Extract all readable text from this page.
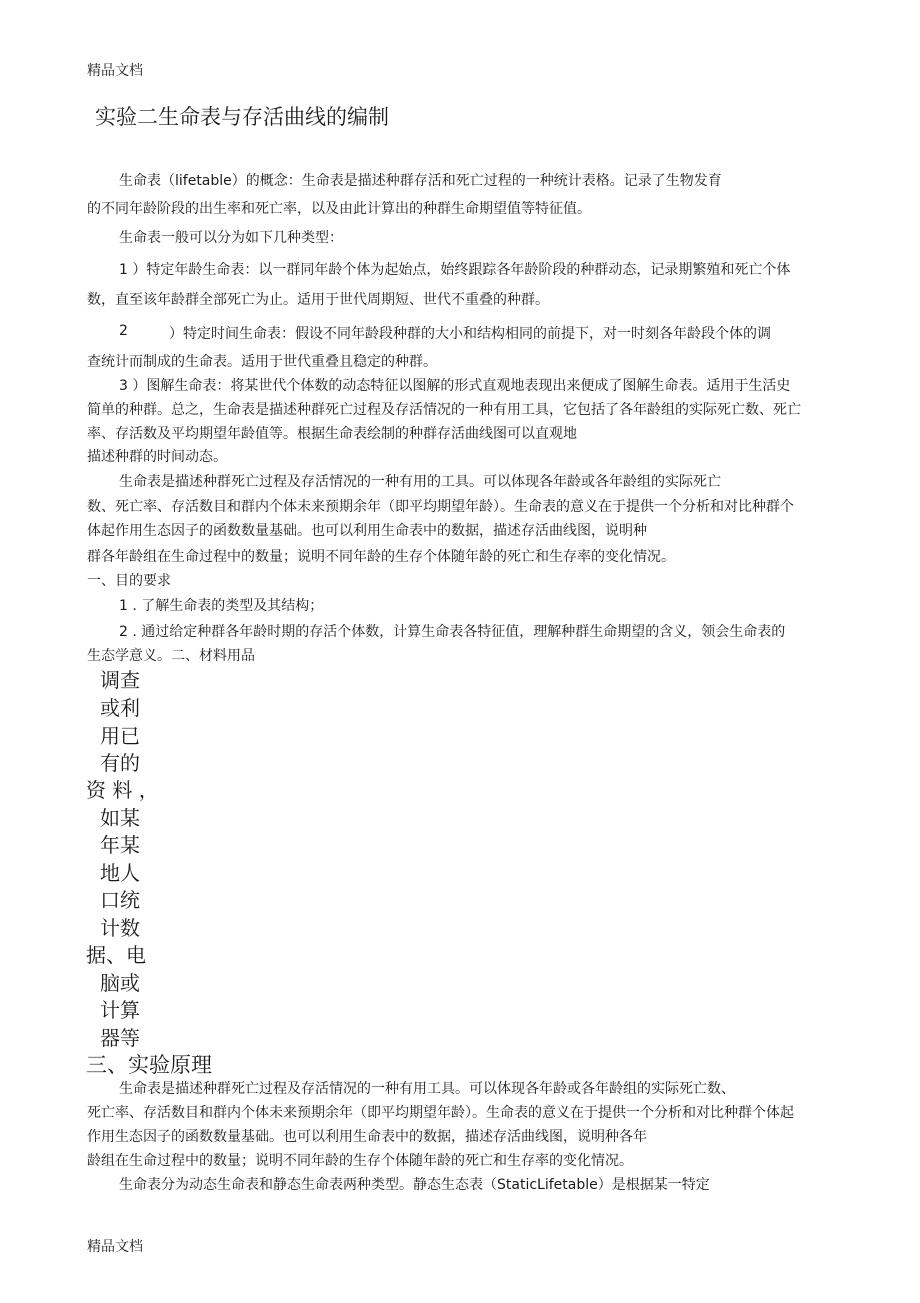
精品文档
实验二生命表与存活曲线的编制
生命表（lifetable）的概念：生命表是描述种群存活和死亡过程的一种统计表格。记录了生物发育
的不同年龄阶段的出生率和死亡率，以及由此计算出的种群生命期望值等特征值。
生命表一般可以分为如下几种类型：
1 ）特定年龄生命表：以一群同年龄个体为起始点，始终跟踪各年龄阶段的种群动态，记录期繁殖和死亡个体
数，直至该年龄群全部死亡为止。适用于世代周期短、世代不重叠的种群。
2	）特定时间生命表：假设不同年龄段种群的大小和结构相同的前提下，对一时刻各年龄段个体的调
查统计而制成的生命表。适用于世代重叠且稳定的种群。
3 ）图解生命表：将某世代个体数的动态特征以图解的形式直观地表现出来便成了图解生命表。适用于生活史
简单的种群。总之，生命表是描述种群死亡过程及存活情况的一种有用工具，它包括了各年龄组的实际死亡数、死亡
率、存活数及平均期望年龄值等。根据生命表绘制的种群存活曲线图可以直观地
描述种群的时间动态。
生命表是描述种群死亡过程及存活情况的一种有用的工具。可以体现各年龄或各年龄组的实际死亡
数、死亡率、存活数目和群内个体未来预期余年（即平均期望年龄）。生命表的意义在于提供一个分析和对比种群个
体起作用生态因子的函数数量基础。也可以利用生命表中的数据，描述存活曲线图，说明种
群各年龄组在生命过程中的数量；说明不同年龄的生存个体随年龄的死亡和生存率的变化情况。
一、目的要求
1 . 了解生命表的类型及其结构；
2 . 通过给定种群各年龄时期的存活个体数，计算生命表各特征值，理解种群生命期望的含义，领会生命表的
生态学意义。二、材料用品
调查
或利
用已
有的
资 料 ，
如某
年某
地人
口统
计数
据、电
脑或
计算
器等
三、实验原理
生命表是描述种群死亡过程及存活情况的一种有用工具。可以体现各年龄或各年龄组的实际死亡数、
死亡率、存活数目和群内个体未来预期余年（即平均期望年龄）。生命表的意义在于提供一个分析和对比种群个体起
作用生态因子的函数数量基础。也可以利用生命表中的数据，描述存活曲线图，说明种各年
龄组在生命过程中的数量；说明不同年龄的生存个体随年龄的死亡和生存率的变化情况。
生命表分为动态生命表和静态生命表两种类型。静态生态表（StaticLifetable）是根据某一特定
精品文档
